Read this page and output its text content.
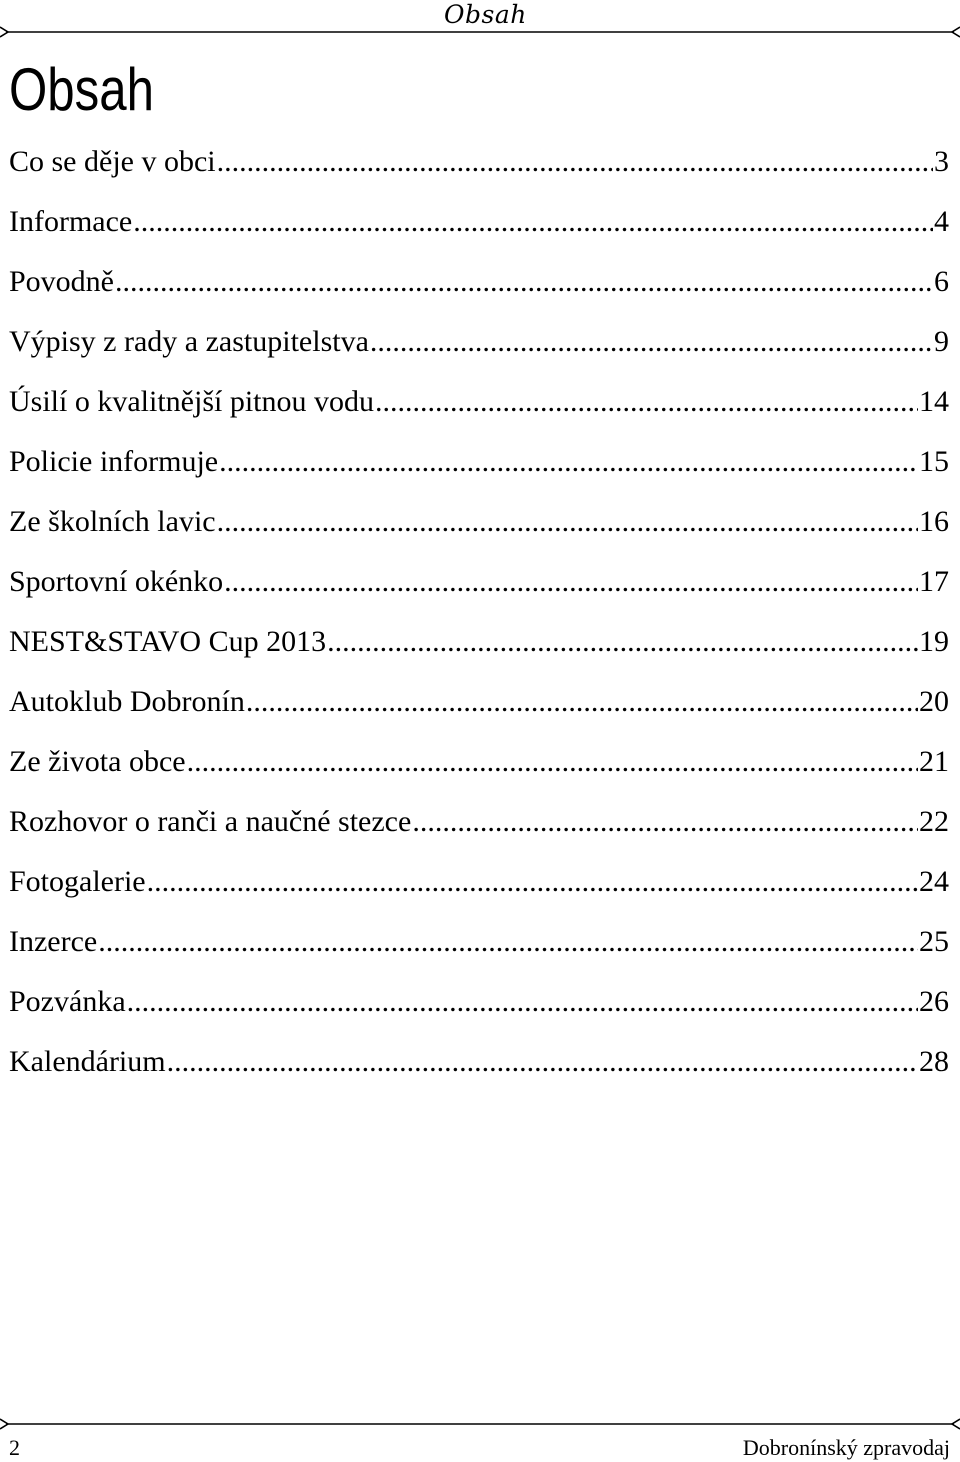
Obsah
Obsah
Co se děje v obci .....	3
Informace .....	4
Povodně .....	6
Výpisy z rady a zastupitelstva .....	9
Úsilí o kvalitnější pitnou vodu .....	14
Policie informuje .....	15
Ze školních lavic .....	16
Sportovní okénko .....	17
NEST&STAVO Cup 2013 .....	19
Autoklub Dobronín .....	20
Ze života obce .....	21
Rozhovor o ranči a naučné stezce .....	22
Fotogalerie .....	24
Inzerce .....	25
Pozvánka .....	26
Kalendárium .....	28
2	Dobronínský zpravodaj
